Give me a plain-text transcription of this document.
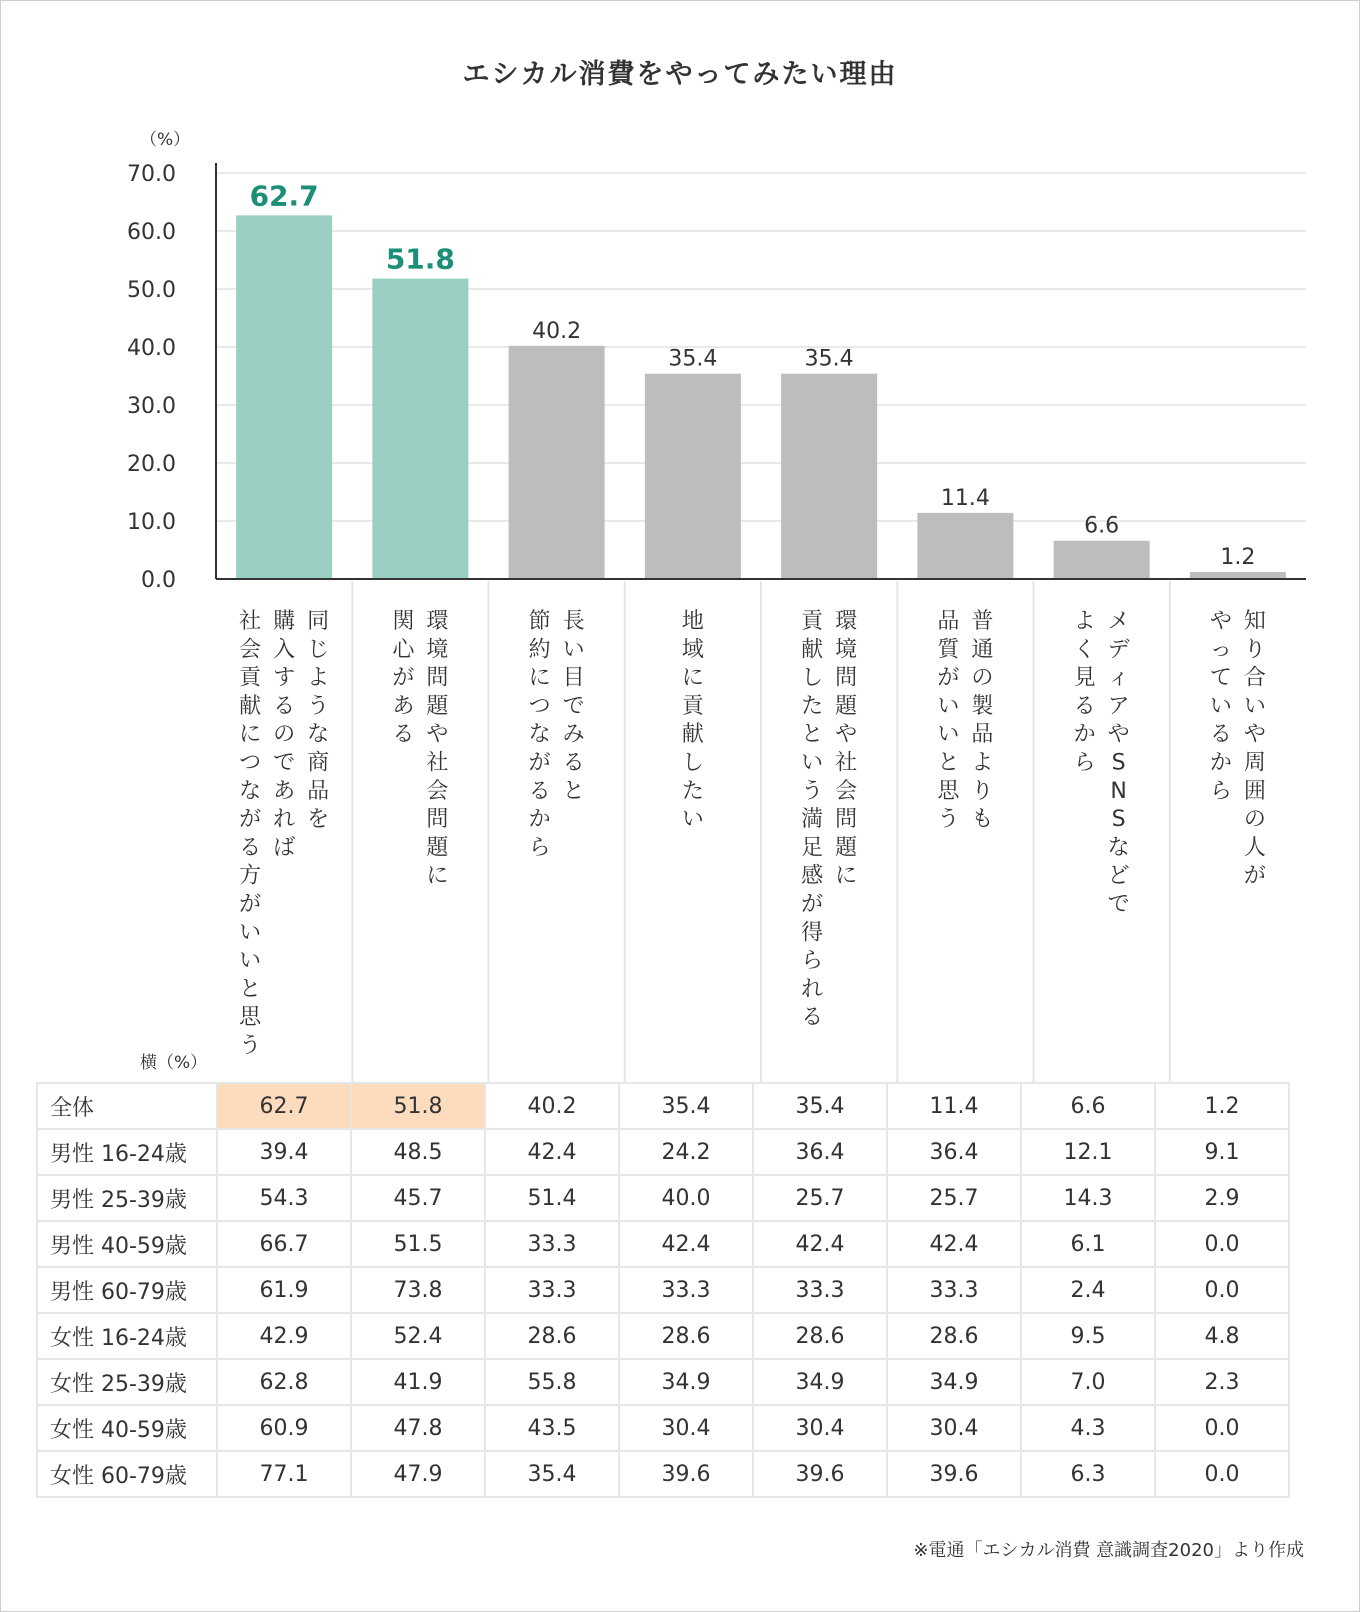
エシカル消費をやってみたい理由
（%）
横（%）
70.0
60.0
50.0
40.0
30.0
20.0
10.0
0.0
62.7
51.8
40.2
35.4	35.4
11.4
6.6
1.2
同じような商品を
購入するのであれば
社会貢献につながる方がいいと思う
環境問題や社会問題に
関心がある
長い目でみると
節約につながるから
地域に貢献したい
環境問題や社会問題に
貢献したという満足感が得られる
普通の製品よりも
品質がいいと思う
メディアや S N S などで
よく見るから
知り合いや周囲の人が
やっているから
全体	62.7	51.8	40.2	35.4	35.4	11.4	6.6	1.2
男性 16-24歳	39.4	48.5	42.4	24.2	36.4	36.4	12.1	9.1
男性 25-39歳	54.3	45.7	51.4	40.0	25.7	25.7	14.3	2.9
男性 40-59歳	66.7	51.5	33.3	42.4	42.4	42.4	6.1	0.0
男性 60-79歳	61.9	73.8	33.3	33.3	33.3	33.3	2.4	0.0
女性 16-24歳	42.9	52.4	28.6	28.6	28.6	28.6	9.5	4.8
女性 25-39歳	62.8	41.9	55.8	34.9	34.9	34.9	7.0	2.3
女性 40-59歳	60.9	47.8	43.5	30.4	30.4	30.4	4.3	0.0
女性 60-79歳	77.1	47.9	35.4	39.6	39.6	39.6	6.3	0.0
※電通「エシカル消費 意識調査2020」より作成
